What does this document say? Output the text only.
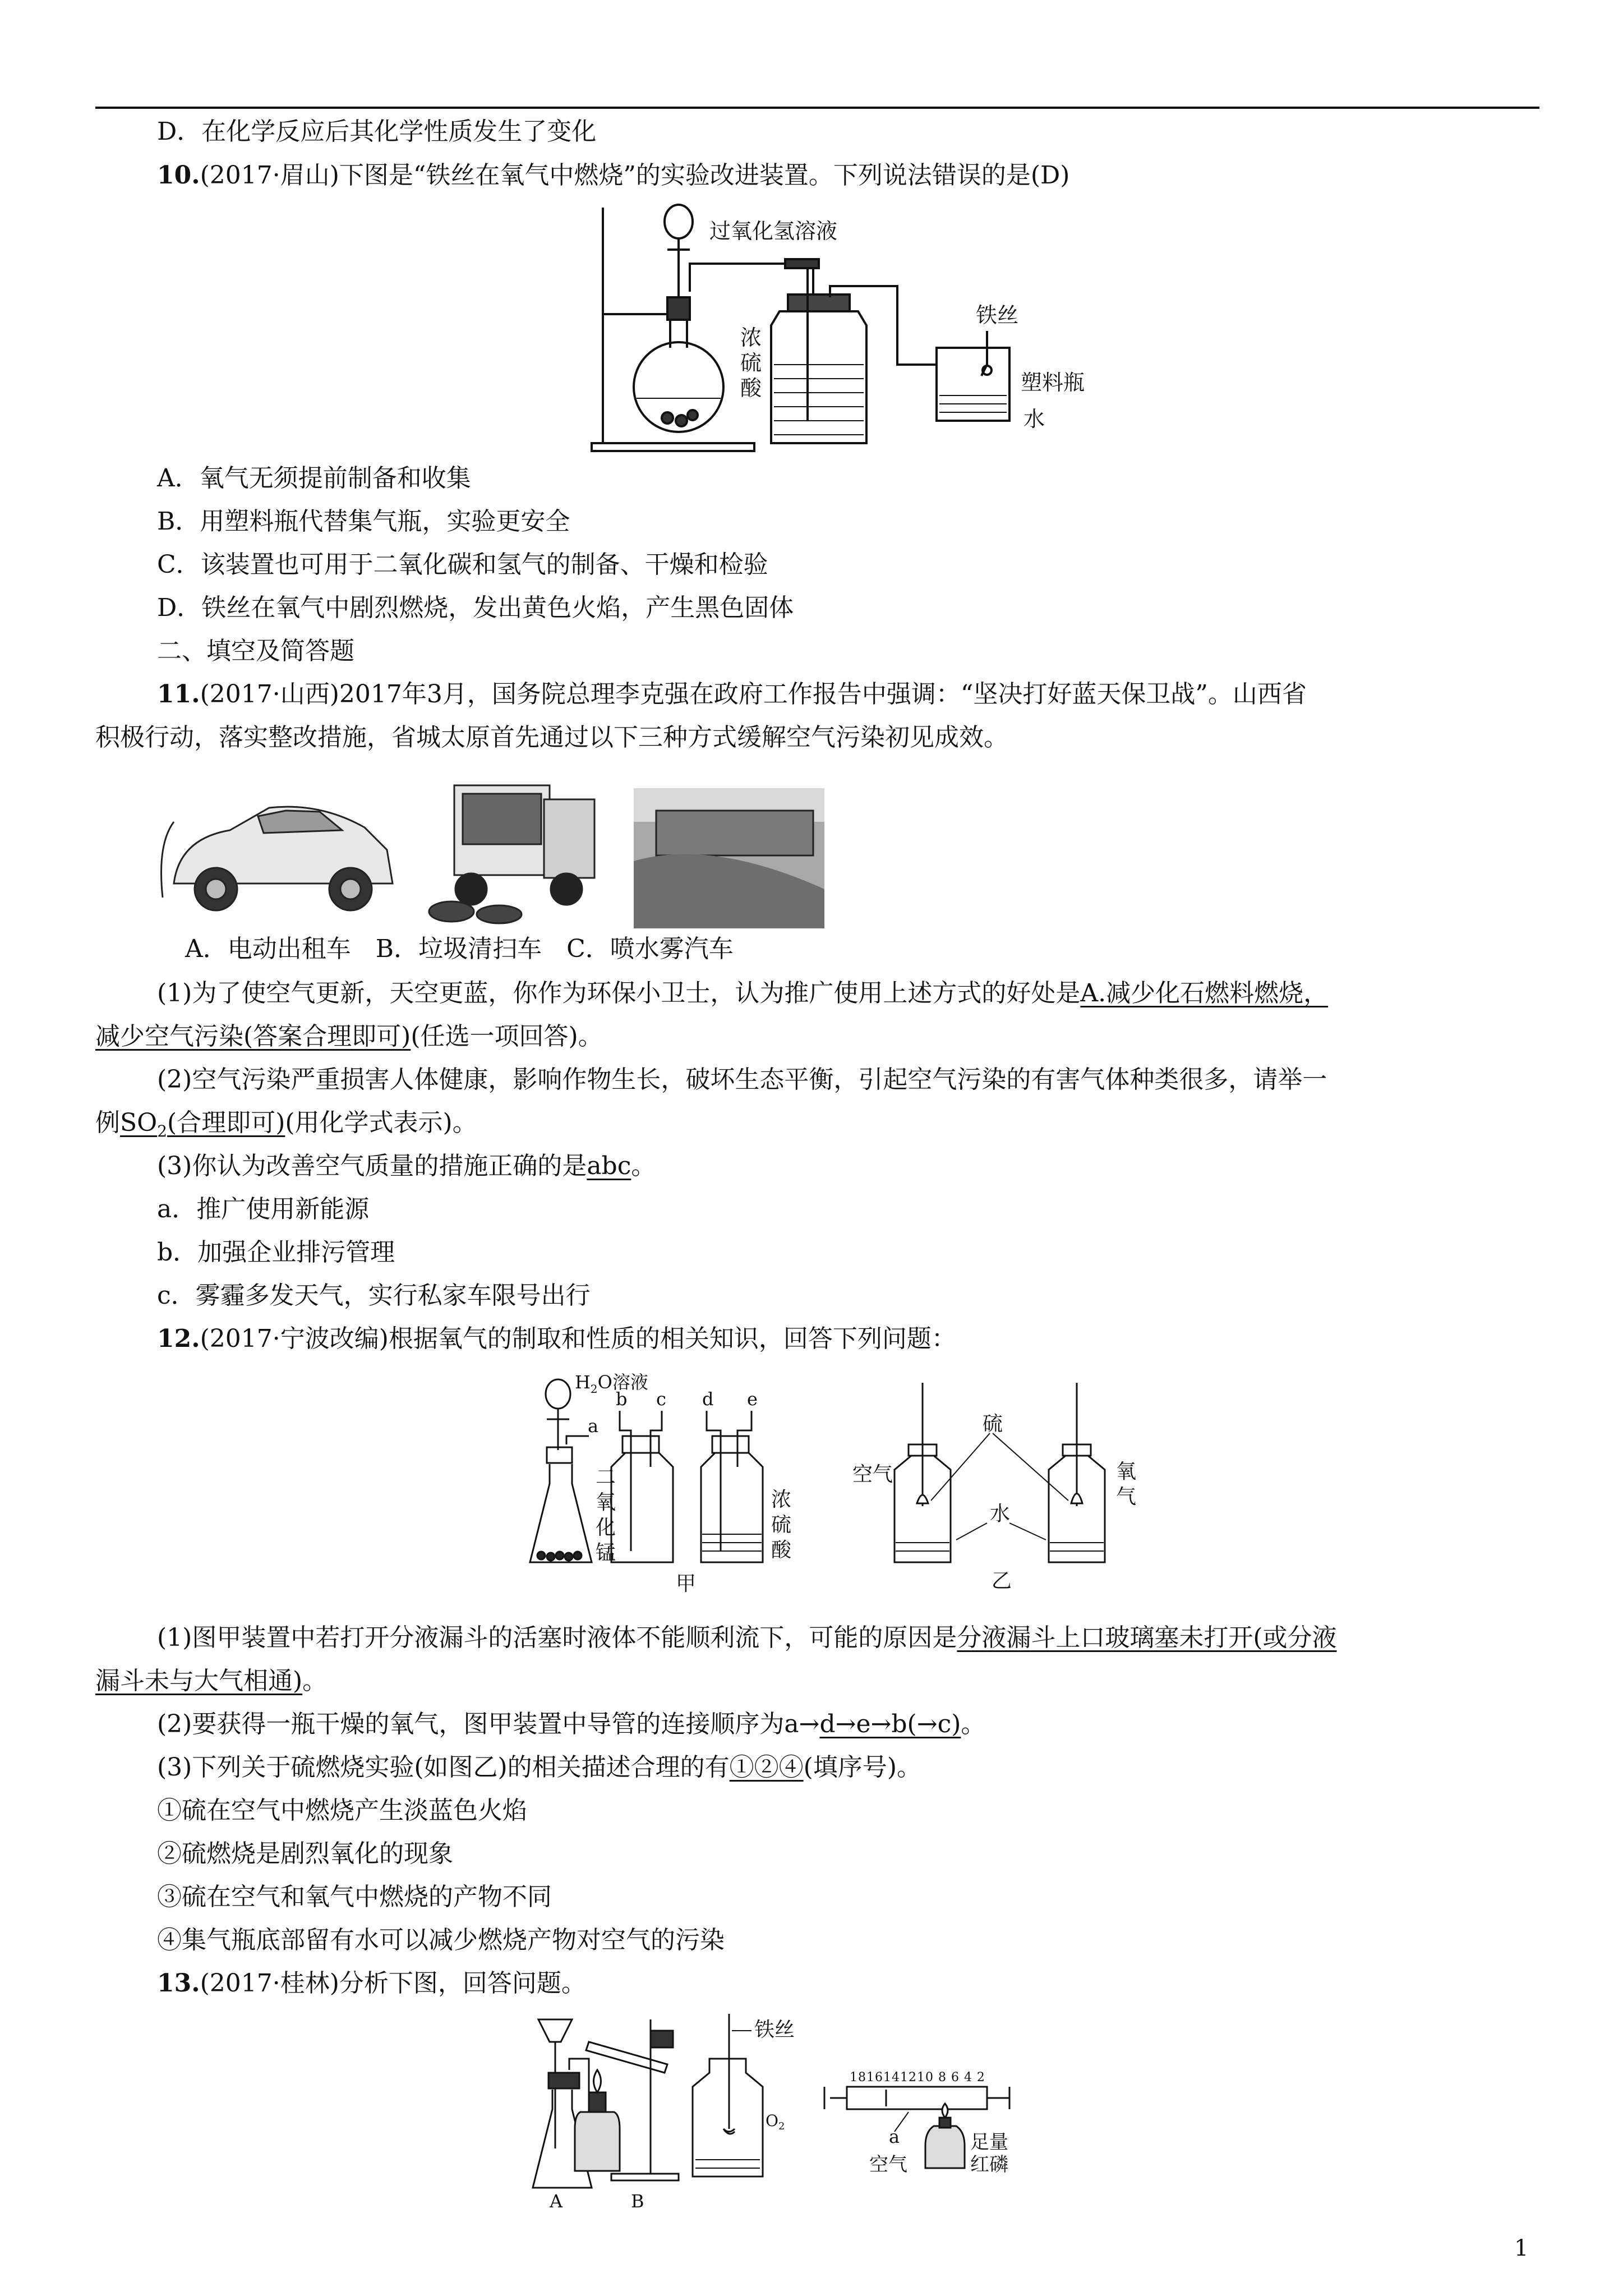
D．在化学反应后其化学性质发生了变化
10.(2017·眉山)下图是“铁丝在氧气中燃烧”的实验改进装置。下列说法错误的是(D)
过氧化氢溶液
浓
硫
酸
铁丝
塑料瓶
水
A．氧气无须提前制备和收集
B．用塑料瓶代替集气瓶，实验更安全
C．该装置也可用于二氧化碳和氢气的制备、干燥和检验
D．铁丝在氧气中剧烈燃烧，发出黄色火焰，产生黑色固体
二、填空及简答题
11.(2017·山西)2017年3月，国务院总理李克强在政府工作报告中强调：“坚决打好蓝天保卫战”。山西省
积极行动，落实整改措施，省城太原首先通过以下三种方式缓解空气污染初见成效。
A．电动出租车　B．垃圾清扫车　C．喷水雾汽车
(1)为了使空气更新，天空更蓝，你作为环保小卫士，认为推广使用上述方式的好处是A.减少化石燃料燃烧，
减少空气污染(答案合理即可)(任选一项回答)。
(2)空气污染严重损害人体健康，影响作物生长，破坏生态平衡，引起空气污染的有害气体种类很多，请举一
例$SO_2$(合理即可)(用化学式表示)。
(3)你认为改善空气质量的措施正确的是abc。
a．推广使用新能源
b．加强企业排污管理
c．雾霾多发天气，实行私家车限号出行
12.(2017·宁波改编)根据氧气的制取和性质的相关知识，回答下列问题：
$H_2O$溶液
a
b c d e
二
氧
化
锰
浓
硫
酸
甲
硫
空气
水
氧
气
乙
(1)图甲装置中若打开分液漏斗的活塞时液体不能顺利流下，可能的原因是分液漏斗上口玻璃塞未打开(或分液
漏斗未与大气相通)。
(2)要获得一瓶干燥的氧气，图甲装置中导管的连接顺序为a→d→e→b(→c)。
(3)下列关于硫燃烧实验(如图乙)的相关描述合理的有①②④(填序号)。
①硫在空气中燃烧产生淡蓝色火焰
②硫燃烧是剧烈氧化的现象
③硫在空气和氧气中燃烧的产物不同
④集气瓶底部留有水可以减少燃烧产物对空气的污染
13.(2017·桂林)分析下图，回答问题。
A	B
铁丝
$O_2$
1816141210 8 6 4 2
a
空气
足量
红磷
1
